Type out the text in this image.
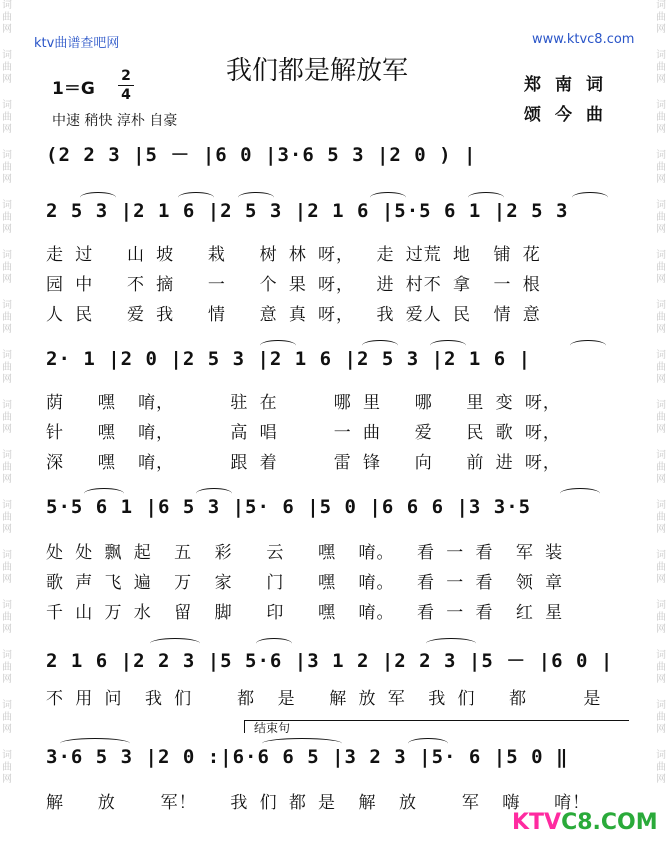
词
曲
网
词
曲
网
词
曲
网
词
曲
网
词
曲
网
词
曲
网
词
曲
网
词
曲
网
词
曲
网
词
曲
网
词
曲
网
词
曲
网
词
曲
网
词
曲
网
词
曲
网
词
曲
网
词
曲
网
词
曲
网
词
曲
网
词
曲
网
词
曲
网
词
曲
网
词
曲
网
词
曲
网
词
曲
网
词
曲
网
词
曲
网
词
曲
网
词
曲
网
词
曲
网
词
曲
网
词
曲
网
ktv曲谱查吧网	www.ktvc8.com
我们都是解放军
1＝G
2
4	郑南词
颂今曲
中速 稍快 淳朴 自豪
(2 2 3 |5 － |6 0 |3·6 5 3 |2 0 ) |
2 5 3 |2 1 6 |2 5 3 |2 1 6 |5·5 6 1 |2 5 3
走 过   山 坡   栽   树 林 呀，  走 过荒 地  铺 花
园 中   不 摘   一   个 果 呀，  进 村不 拿  一 根
人 民   爱 我   情   意 真 呀，  我 爱人 民  情 意
2· 1 |2 0 |2 5 3 |2 1 6 |2 5 3 |2 1 6 |
荫   嘿  唷，     驻 在     哪 里   哪   里 变 呀，
针   嘿  唷，     高 唱     一 曲   爱   民 歌 呀，
深   嘿  唷，     跟 着     雷 锋   向   前 进 呀，
5·5 6 1 |6 5 3 |5· 6 |5 0 |6 6 6 |3 3·5
处 处 飘 起  五  彩   云   嘿  唷。  看 一 看  军 装
歌 声 飞 遍  万  家   门   嘿  唷。  看 一 看  领 章
千 山 万 水  留  脚   印   嘿  唷。  看 一 看  红 星
2 1 6 |2 2 3 |5 5·6 |3 1 2 |2 2 3 |5 － |6 0 |
不 用 问  我 们    都  是   解 放 军  我 们   都     是
结束句
3·6 5 3 |2 0 :|6·6 6 5 |3 2 3 |5· 6 |5 0 ‖
解   放    军！   我 们 都 是  解  放    军  嗨   唷！
KTVC8.COM
